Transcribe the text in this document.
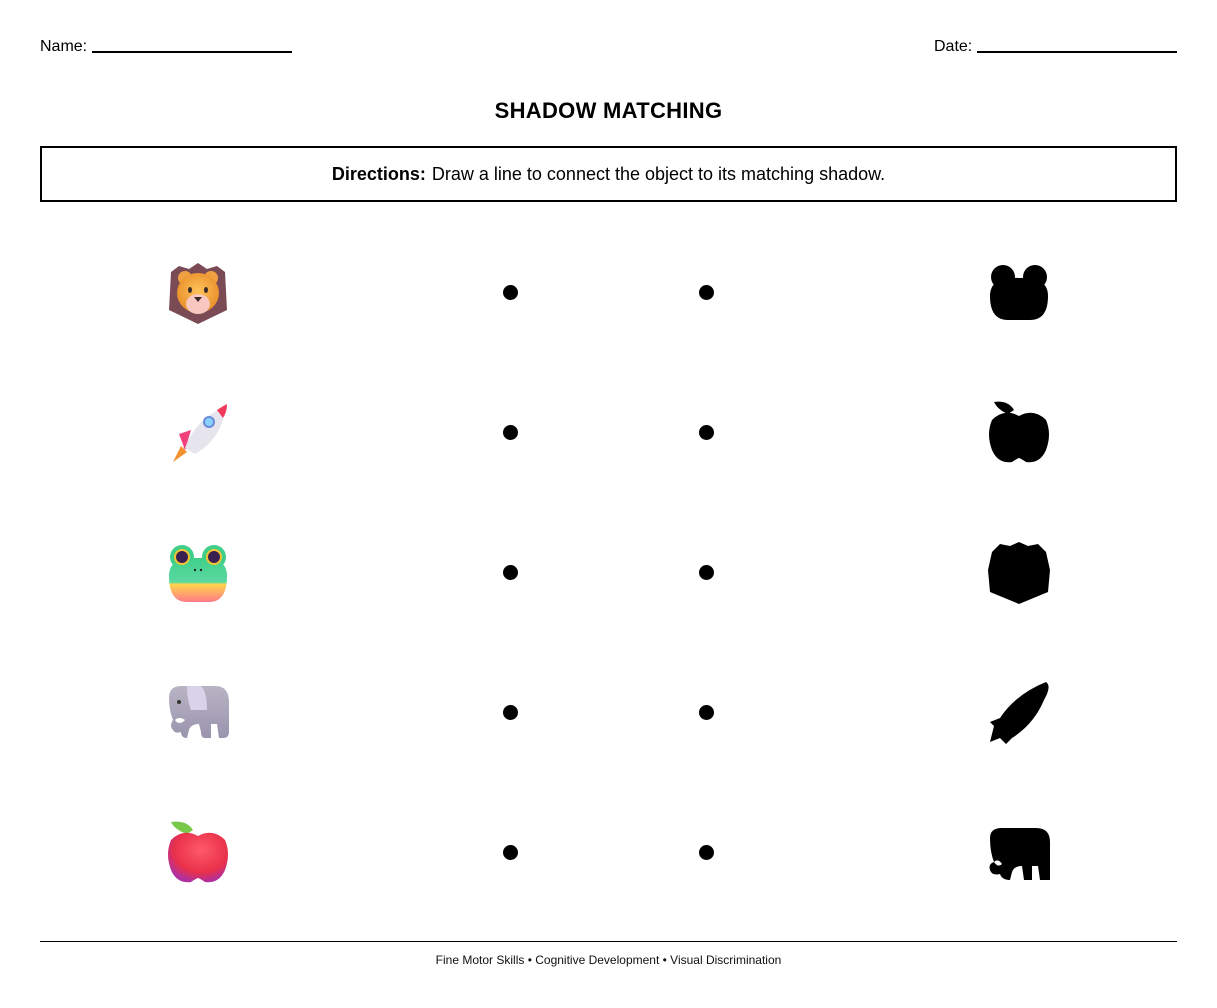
Name:	Date:
SHADOW MATCHING
Directions: Draw a line to connect the object to its matching shadow.
Fine Motor Skills • Cognitive Development • Visual Discrimination
